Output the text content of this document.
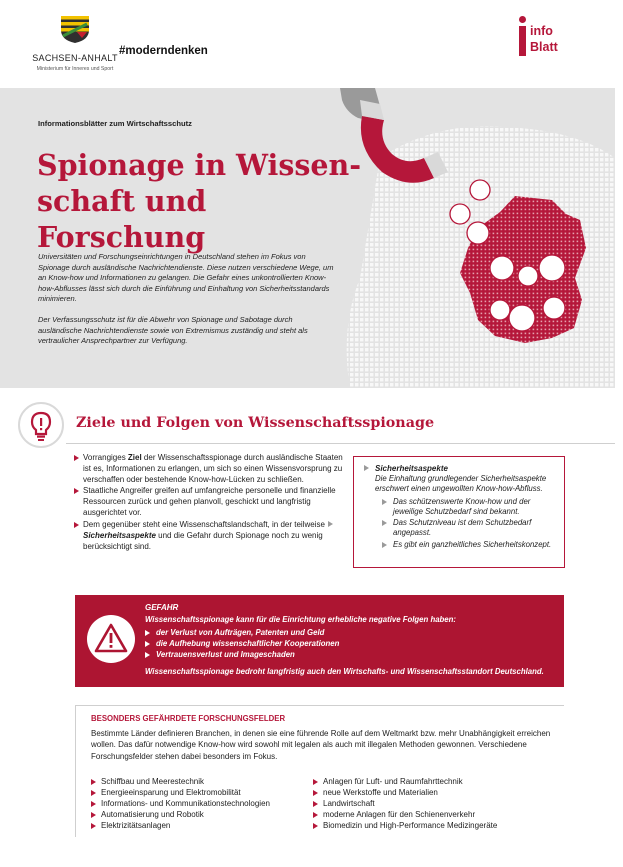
SACHSEN-ANHALT
Ministerium für Inneres und Sport
#moderndenken
info
Blatt
Informationsblätter zum Wirtschaftsschutz
Spionage in Wissenschaft und Forschung

Universitäten und Forschungseinrichtungen in Deutschland stehen im Fokus von Spionage durch ausländische Nachrichtendienste. Diese nutzen verschiedene Wege, um an Know-how und Informationen zu gelangen. Die Gefahr eines unkontrollierten Know-how-Abflusses lässt sich durch die Einführung und Einhaltung von Sicherheitsstandards minimieren.

Der Verfassungsschutz ist für die Abwehr von Spionage und Sabotage durch ausländische Nachrichtendienste sowie von Extremismus zuständig und steht als vertraulicher Ansprechpartner zur Verfügung.

Ziele und Folgen von Wissenschaftsspionage
Vorrangiges Ziel der Wissenschaftsspionage durch ausländische Staaten ist es, Informationen zu erlangen, um sich so einen Wissensvorsprung zu verschaffen oder bestehende Know-how-Lücken zu schließen.
Staatliche Angreifer greifen auf umfangreiche personelle und finanzielle Ressourcen zurück und gehen planvoll, geschickt und langfristig ausgerichtet vor.
Dem gegenüber steht eine Wissenschaftslandschaft, in der teilweise Sicherheitsaspekte und die Gefahr durch Spionage noch zu wenig berücksichtigt sind.
Sicherheitsaspekte
Die Einhaltung grundlegender Sicherheitsaspekte erschwert einen ungewollten Know-how-Abfluss.
Das schützenswerte Know-how und der jeweilige Schutzbedarf sind bekannt.
Das Schutzniveau ist dem Schutzbedarf angepasst.
Es gibt ein ganzheitliches Sicherheitskonzept.
GEFAHR
Wissenschaftsspionage kann für die Einrichtung erhebliche negative Folgen haben:
der Verlust von Aufträgen, Patenten und Geld
die Aufhebung wissenschaftlicher Kooperationen
Vertrauensverlust und Imageschaden
Wissenschaftsspionage bedroht langfristig auch den Wirtschafts- und Wissenschaftsstandort Deutschland.
BESONDERS GEFÄHRDETE FORSCHUNGSFELDER
Bestimmte Länder definieren Branchen, in denen sie eine führende Rolle auf dem Weltmarkt bzw. mehr Unabhängigkeit erreichen wollen. Das dafür notwendige Know-how wird sowohl mit legalen als auch mit illegalen Methoden gewonnen. Verschiedene Forschungsfelder stehen dabei besonders im Fokus.
Schiffbau und Meerestechnik
Energieeinsparung und Elektromobilität
Informations- und Kommunikationstechnologien
Automatisierung und Robotik
Elektrizitätsanlagen
Anlagen für Luft- und Raumfahrttechnik
neue Werkstoffe und Materialien
Landwirtschaft
moderne Anlagen für den Schienenverkehr
Biomedizin und High-Performance Medizingeräte
